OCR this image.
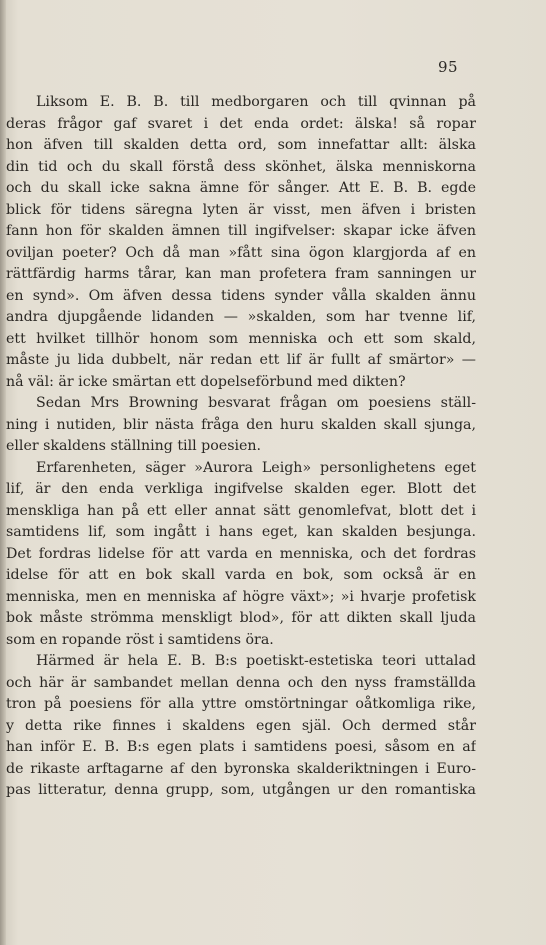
95
Liksom E. B. B. till medborgaren och till qvinnan på
deras frågor gaf svaret i det enda ordet: älska! så ropar
hon äfven till skalden detta ord, som innefattar allt: älska
din tid och du skall förstå dess skönhet, älska menniskorna
och du skall icke sakna ämne för sånger. Att E. B. B. egde
blick för tidens säregna lyten är visst, men äfven i bristen
fann hon för skalden ämnen till ingifvelser: skapar icke äfven
oviljan poeter? Och då man »fått sina ögon klargjorda af en
rättfärdig harms tårar, kan man profetera fram sanningen ur
en synd». Om äfven dessa tidens synder vålla skalden ännu
andra djupgående lidanden — »skalden, som har tvenne lif,
ett hvilket tillhör honom som menniska och ett som skald,
måste ju lida dubbelt, när redan ett lif är fullt af smärtor» —
nå väl: är icke smärtan ett dopelseförbund med dikten?
Sedan Mrs Browning besvarat frågan om poesiens ställ-
ning i nutiden, blir nästa fråga den huru skalden skall sjunga,
eller skaldens ställning till poesien.
Erfarenheten, säger »Aurora Leigh» personlighetens eget
lif, är den enda verkliga ingifvelse skalden eger. Blott det
menskliga han på ett eller annat sätt genomlefvat, blott det i
samtidens lif, som ingått i hans eget, kan skalden besjunga.
Det fordras lidelse för att varda en menniska, och det fordras
idelse för att en bok skall varda en bok, som också är en
menniska, men en menniska af högre växt»; »i hvarje profetisk
bok måste strömma menskligt blod», för att dikten skall ljuda
som en ropande röst i samtidens öra.
Härmed är hela E. B. B:s poetiskt-estetiska teori uttalad
och här är sambandet mellan denna och den nyss framställda
tron på poesiens för alla yttre omstörtningar oåtkomliga rike,
y detta rike finnes i skaldens egen själ. Och dermed står
han inför E. B. B:s egen plats i samtidens poesi, såsom en af
de rikaste arftagarne af den byronska skalderiktningen i Euro-
pas litteratur, denna grupp, som, utgången ur den romantiska
